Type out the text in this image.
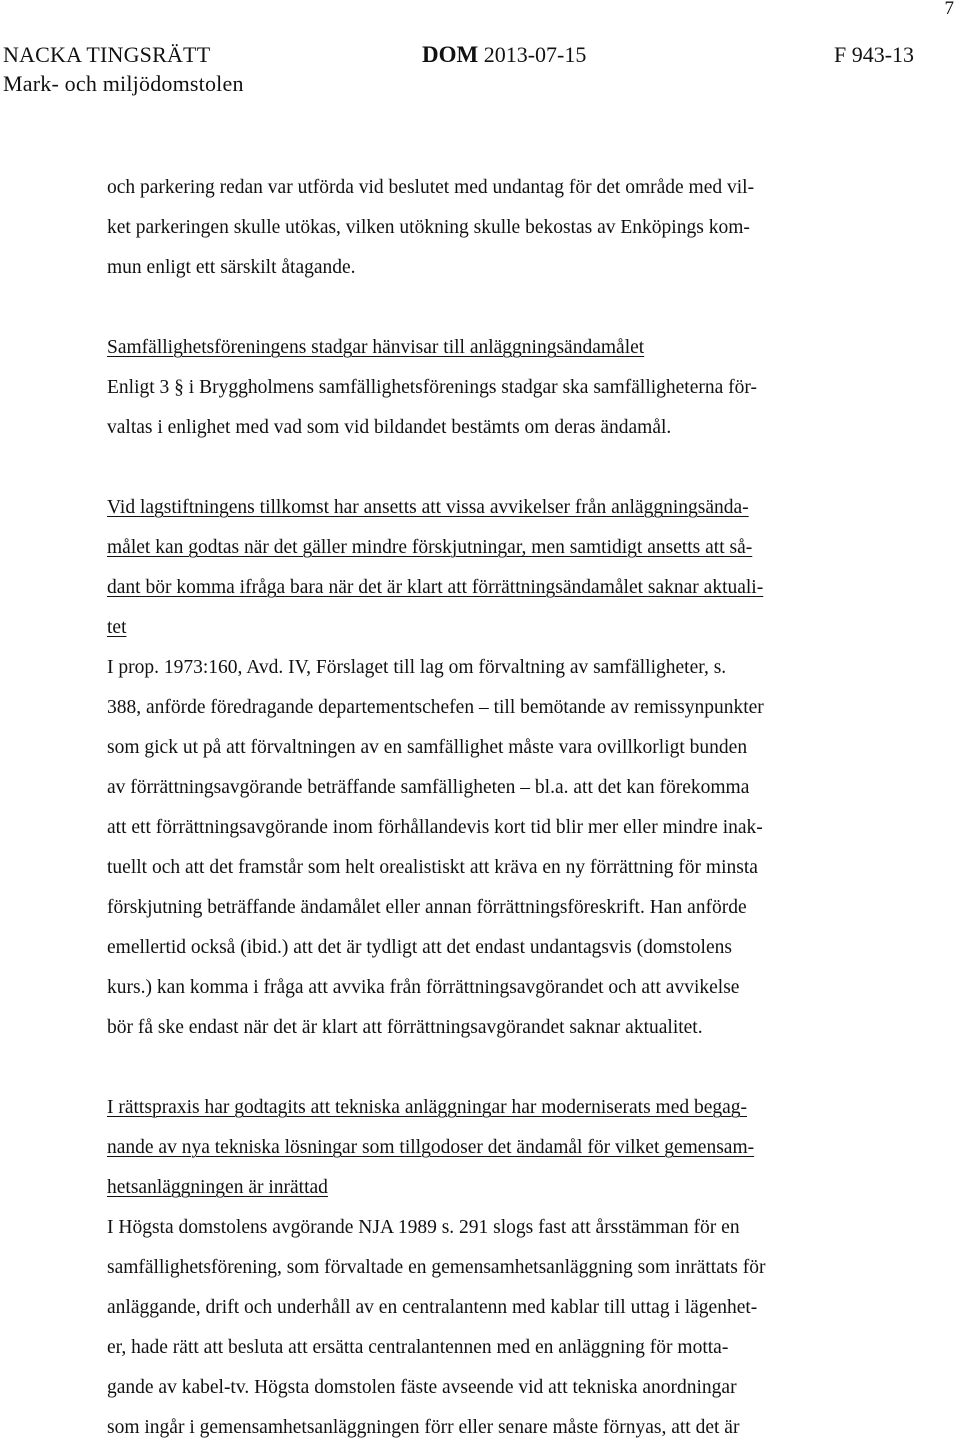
7
NACKA TINGSRÄTT
Mark- och miljödomstolen
DOM 2013-07-15	F 943-13

och parkering redan var utförda vid beslutet med undantag för det område med vil-
ket parkeringen skulle utökas, vilken utökning skulle bekostas av Enköpings kom-
mun enligt ett särskilt åtagande.

Samfällighetsföreningens stadgar hänvisar till anläggningsändamålet

Enligt 3 § i Bryggholmens samfällighetsförenings stadgar ska samfälligheterna för-
valtas i enlighet med vad som vid bildandet bestämts om deras ändamål.

Vid lagstiftningens tillkomst har ansetts att vissa avvikelser från anläggningsända-
målet kan godtas när det gäller mindre förskjutningar, men samtidigt ansetts att så-
dant bör komma ifråga bara när det är klart att förrättningsändamålet saknar aktuali-
tet

I prop. 1973:160, Avd. IV, Förslaget till lag om förvaltning av samfälligheter, s.
388, anförde föredragande departementschefen – till bemötande av remissynpunkter
som gick ut på att förvaltningen av en samfällighet måste vara ovillkorligt bunden
av förrättningsavgörande beträffande samfälligheten – bl.a. att det kan förekomma
att ett förrättningsavgörande inom förhållandevis kort tid blir mer eller mindre inak-
tuellt och att det framstår som helt orealistiskt att kräva en ny förrättning för minsta
förskjutning beträffande ändamålet eller annan förrättningsföreskrift. Han anförde
emellertid också (ibid.) att det är tydligt att det endast undantagsvis (domstolens
kurs.) kan komma i fråga att avvika från förrättningsavgörandet och att avvikelse
bör få ske endast när det är klart att förrättningsavgörandet saknar aktualitet.

I rättspraxis har godtagits att tekniska anläggningar har moderniserats med begag-
nande av nya tekniska lösningar som tillgodoser det ändamål för vilket gemensam-
hetsanläggningen är inrättad

I Högsta domstolens avgörande NJA 1989 s. 291 slogs fast att årsstämman för en
samfällighetsförening, som förvaltade en gemensamhetsanläggning som inrättats för
anläggande, drift och underhåll av en centralantenn med kablar till uttag i lägenhet-
er, hade rätt att besluta att ersätta centralantennen med en anläggning för motta-
gande av kabel-tv. Högsta domstolen fäste avseende vid att tekniska anordningar
som ingår i gemensamhetsanläggningen förr eller senare måste förnyas, att det är
